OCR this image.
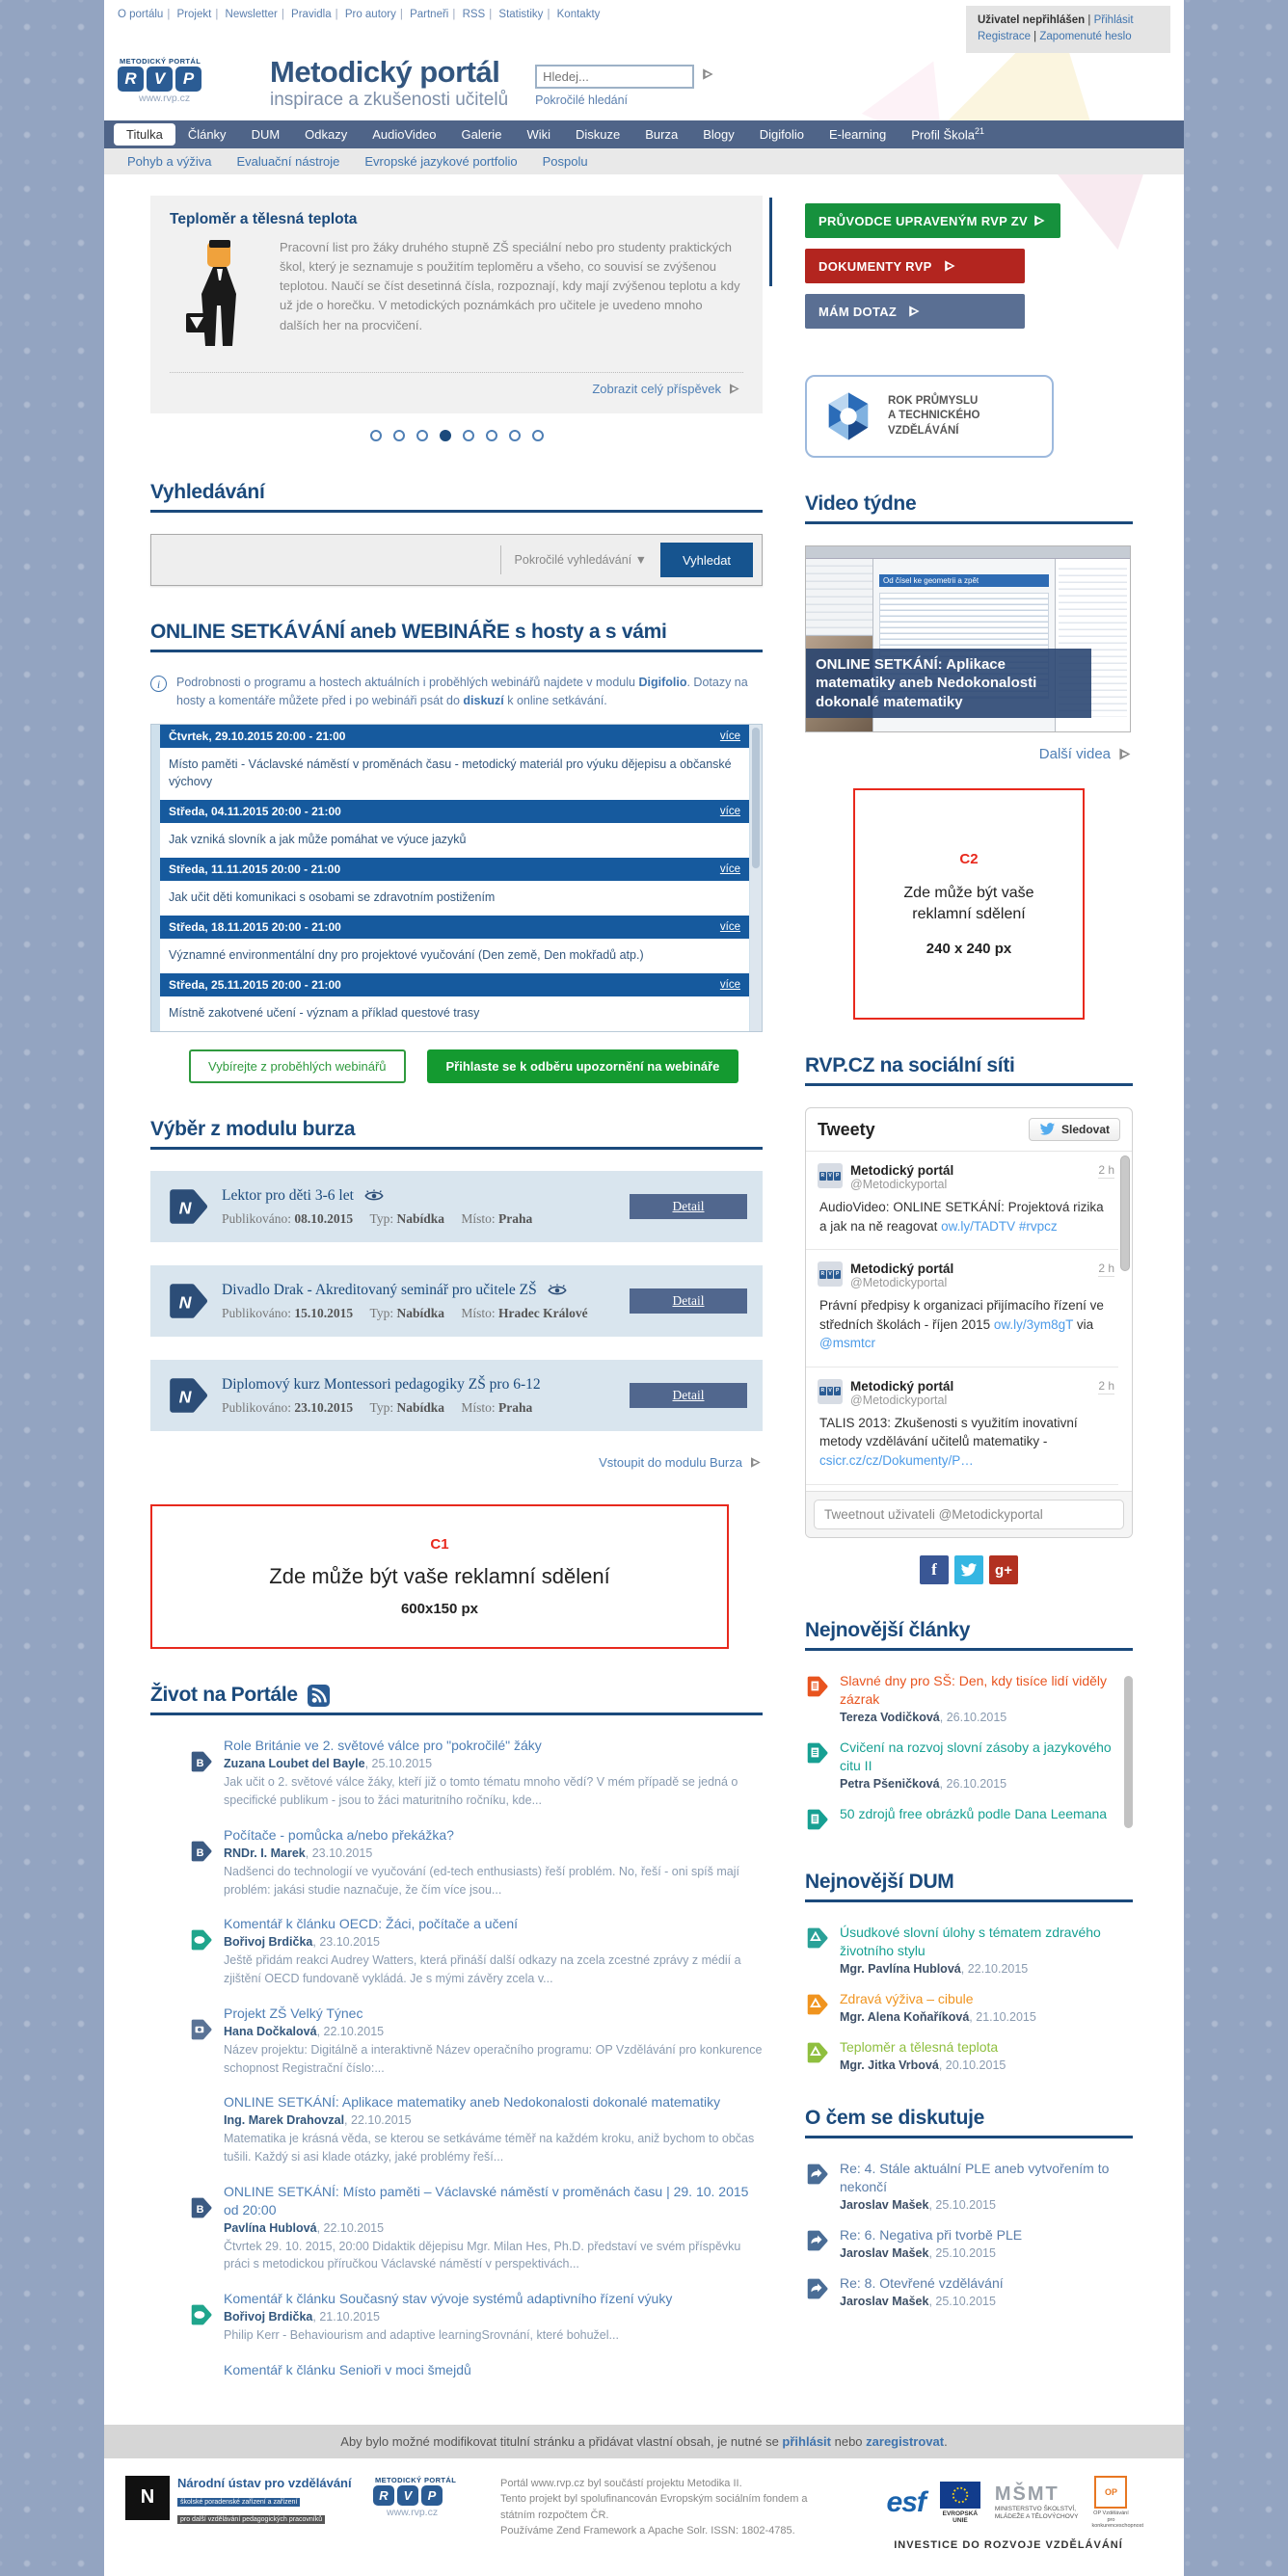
O portálu | Projekt | Newsletter | Pravidla | Pro autory | Partneři | RSS | Statistiky | Kontakty	Uživatel nepřihlášen | Přihlásit
Registrace | Zapomenuté heslo
METODICKÝ PORTÁL
R	V	P
www.rvp.cz
Metodický portál
inspirace a zkušenosti učitelů
Hledej... Pokročilé hledání
Titulka	Články	DUM	Odkazy	AudioVideo	Galerie	Wiki	Diskuze	Burza	Blogy	Digifolio	E-learning	Profil Škola$^{21}$
Pohyb a výživa Evaluační nástroje Evropské jazykové portfolio Pospolu
Teploměr a tělesná teplota
Pracovní list pro žáky druhého stupně ZŠ speciální nebo pro studenty praktických škol, který je seznamuje s použitím teploměru a všeho, co souvisí se zvýšenou teplotou. Naučí se číst desetinná čísla, rozpoznají, kdy mají zvýšenou teplotu a kdy už jde o horečku. V metodických poznámkách pro učitele je uvedeno mnoho dalších her na procvičení.
Zobrazit celý příspěvek
Vyhledávání
Pokročilé vyhledávání ▼	Vyhledat
ONLINE SETKÁVÁNÍ aneb WEBINÁŘE s hosty a s vámi
i	Podrobnosti o programu a hostech aktuálních i proběhlých webinářů najdete v modulu Digifolio. Dotazy na hosty a komentáře můžete před i po webináři psát do diskuzí k online setkávání.
Čtvrtek, 29.10.2015 20:00 - 21:00	více
Místo paměti - Václavské náměstí v proměnách času - metodický materiál pro výuku dějepisu a občanské výchovy
Středa, 04.11.2015 20:00 - 21:00	více
Jak vzniká slovník a jak může pomáhat ve výuce jazyků
Středa, 11.11.2015 20:00 - 21:00	více
Jak učit děti komunikaci s osobami se zdravotním postižením
Středa, 18.11.2015 20:00 - 21:00	více
Významné environmentální dny pro projektové vyučování (Den země, Den mokřadů atp.)
Středa, 25.11.2015 20:00 - 21:00	více
Místně zakotvené učení - význam a příklad questové trasy
Vybírejte z proběhlých webinářů	Přihlaste se k odběru upozornění na webináře
Výběr z modulu burza
N
Lektor pro děti 3-6 let
Publikováno: 08.10.2015 Typ: Nabídka Místo: Praha
Detail
N
Divadlo Drak - Akreditovaný seminář pro učitele ZŠ
Publikováno: 15.10.2015 Typ: Nabídka Místo: Hradec Králové
Detail
N
Diplomový kurz Montessori pedagogiky ZŠ pro 6-12
Publikováno: 23.10.2015 Typ: Nabídka Místo: Praha
Detail
Vstoupit do modulu Burza
C1
Zde může být vaše reklamní sdělení
600x150 px
Život na Portále
B
Role Británie ve 2. světové válce pro "pokročilé" žáky
Zuzana Loubet del Bayle, 25.10.2015
Jak učit o 2. světové válce žáky, kteří již o tomto tématu mnoho vědí? V mém případě se jedná o specifické publikum - jsou to žáci maturitního ročníku, kde...
B
Počítače - pomůcka a/nebo překážka?
RNDr. I. Marek, 23.10.2015
Nadšenci do technologií ve vyučování (ed-tech enthusiasts) řeší problém. No, řeší - oni spíš mají problém: jakási studie naznačuje, že čím více jsou...
Komentář k článku OECD: Žáci, počítače a učení
Bořivoj Brdička, 23.10.2015
Ještě přidám reakci Audrey Watters, která přináší další odkazy na zcela zcestné zprávy z médií a zjištění OECD fundovaně vykládá. Je s mými závěry zcela v...
Projekt ZŠ Velký Týnec
Hana Dočkalová, 22.10.2015
Název projektu: Digitálně a interaktivně Název operačního programu: OP Vzdělávání pro konkurence schopnost Registrační číslo:...
ONLINE SETKÁNÍ: Aplikace matematiky aneb Nedokonalosti dokonalé matematiky
Ing. Marek Drahovzal, 22.10.2015
Matematika je krásná věda, se kterou se setkáváme téměř na každém kroku, aniž bychom to občas tušili. Každý si asi klade otázky, jaké problémy řeší...
B
ONLINE SETKÁNÍ: Místo paměti – Václavské náměstí v proměnách času | 29. 10. 2015 od 20:00
Pavlína Hublová, 22.10.2015
Čtvrtek 29. 10. 2015, 20:00 Didaktik dějepisu Mgr. Milan Hes, Ph.D. představí ve svém příspěvku práci s metodickou příručkou Václavské náměstí v perspektivách...
Komentář k článku Současný stav vývoje systémů adaptivního řízení výuky
Bořivoj Brdička, 21.10.2015
Philip Kerr - Behaviourism and adaptive learningSrovnání, které bohužel...
Komentář k článku Senioři v moci šmejdů
PRŮVODCE UPRAVENÝM RVP ZV
DOKUMENTY RVP
MÁM DOTAZ
ROK PRŮMYSLU
A TECHNICKÉHO
VZDĚLÁVÁNÍ
Video týdne
Od čísel ke geometrii a zpět
ONLINE SETKÁNÍ: Aplikace matematiky aneb Nedokonalosti dokonalé matematiky
Další videa
C2
Zde může být vaše reklamní sdělení
240 x 240 px
RVP.CZ na sociální síti
Tweety	Sledovat
R V P Metodický portál
@Metodickyportal
2 h
AudioVideo: ONLINE SETKÁNÍ: Projektová rizika a jak na ně reagovat ow.ly/TADTV #rvpcz
R V P Metodický portál
@Metodickyportal
2 h
Právní předpisy k organizaci přijímacího řízení ve středních školách - říjen 2015 ow.ly/3ym8gT via @msmtcr
R V P Metodický portál
@Metodickyportal
2 h
TALIS 2013: Zkušenosti s využitím inovativní metody vzdělávání učitelů matematiky - csicr.cz/cz/Dokumenty/P…
Tweetnout uživateli @Metodickyportal
f	g+
Nejnovější články
Slavné dny pro SŠ: Den, kdy tisíce lidí viděly zázrak
Tereza Vodičková, 26.10.2015
Cvičení na rozvoj slovní zásoby a jazykového citu II
Petra Pšeničková, 26.10.2015
50 zdrojů free obrázků podle Dana Leemana
Nejnovější DUM
Úsudkové slovní úlohy s tématem zdravého životního stylu
Mgr. Pavlína Hublová, 22.10.2015
Zdravá výživa – cibule
Mgr. Alena Koňaříková, 21.10.2015
Teploměr a tělesná teplota
Mgr. Jitka Vrbová, 20.10.2015
O čem se diskutuje
Re: 4. Stále aktuální PLE aneb vytvořením to nekončí
Jaroslav Mašek, 25.10.2015
Re: 6. Negativa při tvorbě PLE
Jaroslav Mašek, 25.10.2015
Re: 8. Otevřené vzdělávání
Jaroslav Mašek, 25.10.2015
Aby bylo možné modifikovat titulní stránku a přidávat vlastní obsah, je nutné se přihlásit nebo zaregistrovat.
N
Národní ústav pro vzdělávání
školské poradenské zařízení a zařízení
pro další vzdělávání pedagogických pracovníků
METODICKÝ PORTÁL
R	V	P
www.rvp.cz
Portál www.rvp.cz byl součástí projektu Metodika II.
Tento projekt byl spolufinancován Evropským sociálním fondem a státním rozpočtem ČR.
Používáme Zend Framework a Apache Solr. ISSN: 1802-4785.
esf	EVROPSKÁ UNIE
MŠMT
MINISTERSTVO ŠKOLSTVÍ,
MLÁDEŽE A TĚLOVÝCHOVY
OP
OP Vzdělávání
pro konkurenceschopnost
INVESTICE DO ROZVOJE VZDĚLÁVÁNÍ
